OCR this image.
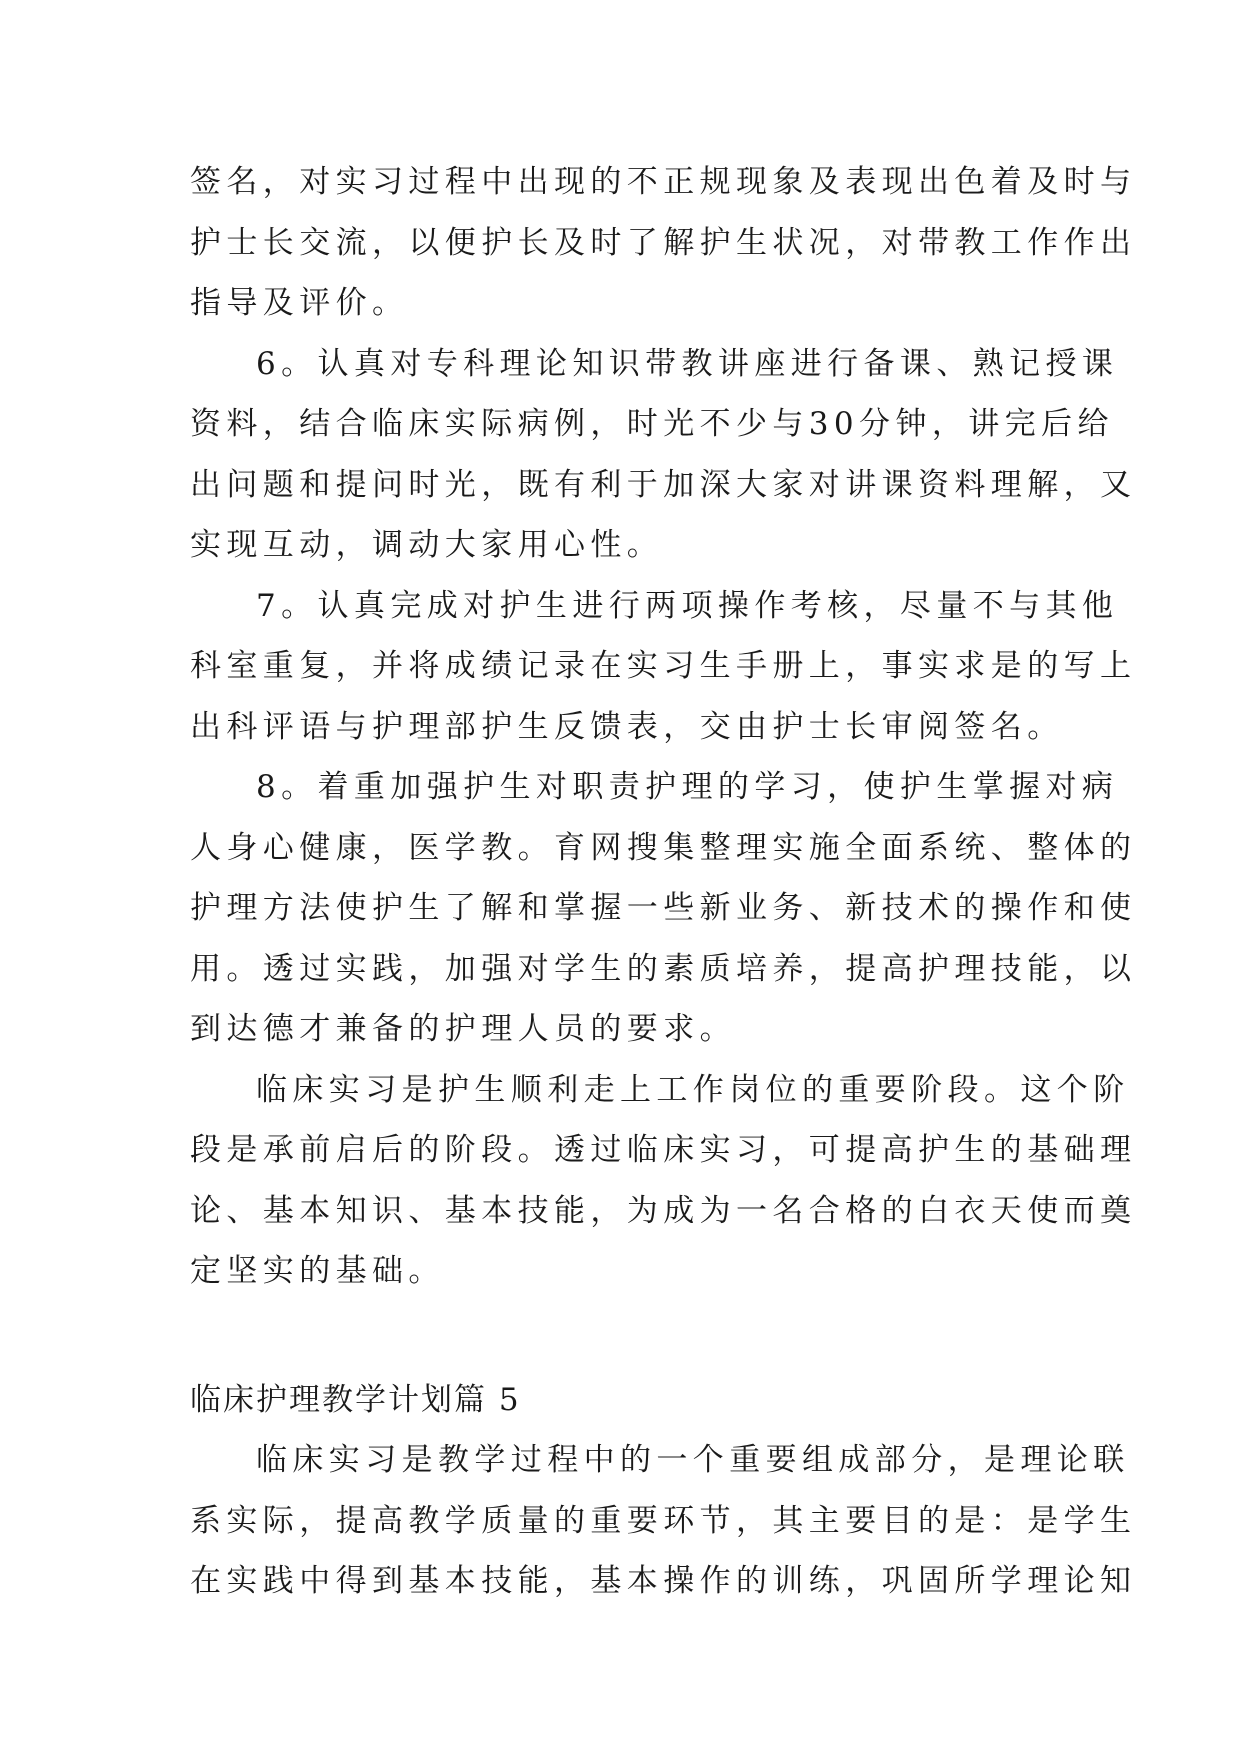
签名，对实习过程中出现的不正规现象及表现出色着及时与
护士长交流，以便护长及时了解护生状况，对带教工作作出
指导及评价。
6。认真对专科理论知识带教讲座进行备课、熟记授课
资料，结合临床实际病例，时光不少与30分钟，讲完后给
出问题和提问时光，既有利于加深大家对讲课资料理解，又
实现互动，调动大家用心性。
7。认真完成对护生进行两项操作考核，尽量不与其他
科室重复，并将成绩记录在实习生手册上，事实求是的写上
出科评语与护理部护生反馈表，交由护士长审阅签名。
8。着重加强护生对职责护理的学习，使护生掌握对病
人身心健康，医学教。育网搜集整理实施全面系统、整体的
护理方法使护生了解和掌握一些新业务、新技术的操作和使
用。透过实践，加强对学生的素质培养，提高护理技能，以
到达德才兼备的护理人员的要求。
临床实习是护生顺利走上工作岗位的重要阶段。这个阶
段是承前启后的阶段。透过临床实习，可提高护生的基础理
论、基本知识、基本技能，为成为一名合格的白衣天使而奠
定坚实的基础。
临床护理教学计划篇 5
临床实习是教学过程中的一个重要组成部分，是理论联
系实际，提高教学质量的重要环节，其主要目的是：是学生
在实践中得到基本技能，基本操作的训练，巩固所学理论知
